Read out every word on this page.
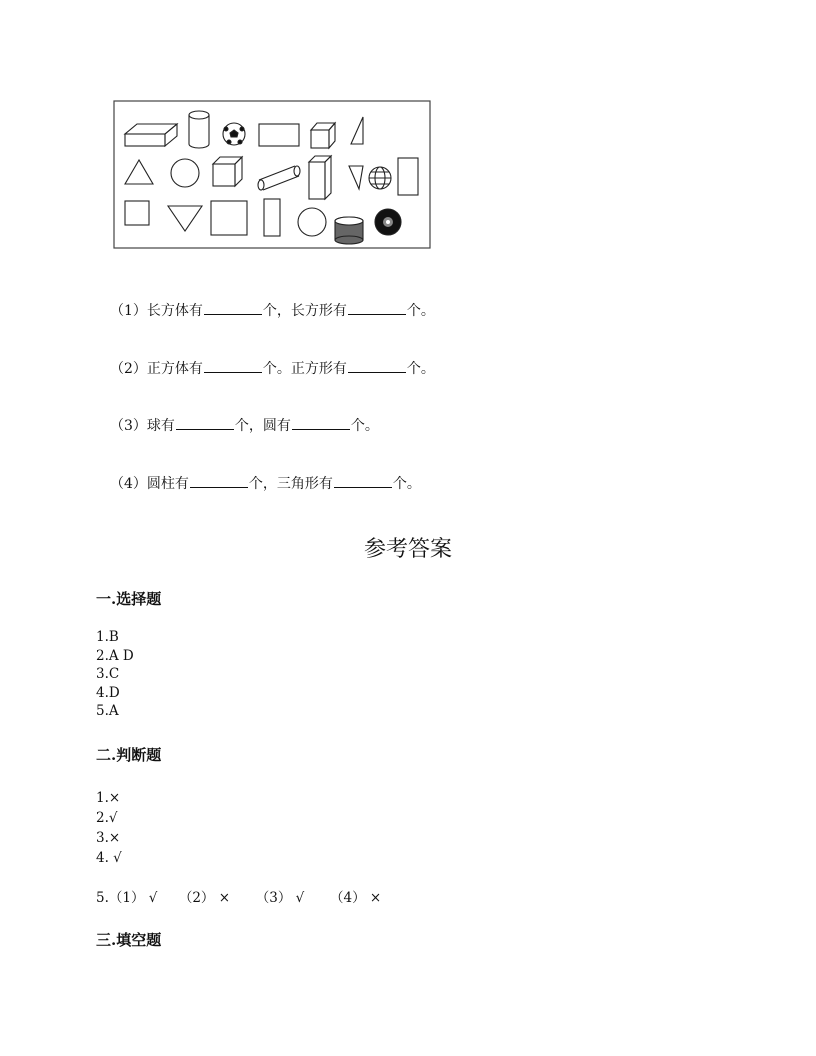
（1）长方体有	个，长方形有	个。
（2）正方体有	个。正方形有	个。
（3）球有	个，圆有	个。
（4）圆柱有	个，三角形有	个。
参考答案
一.选择题
1.B
2.A D
3.C
4.D
5.A
二.判断题
1.×
2.√
3.×
4. √
5.（1） √     （2） ×      （3） √      （4） ×
三.填空题
